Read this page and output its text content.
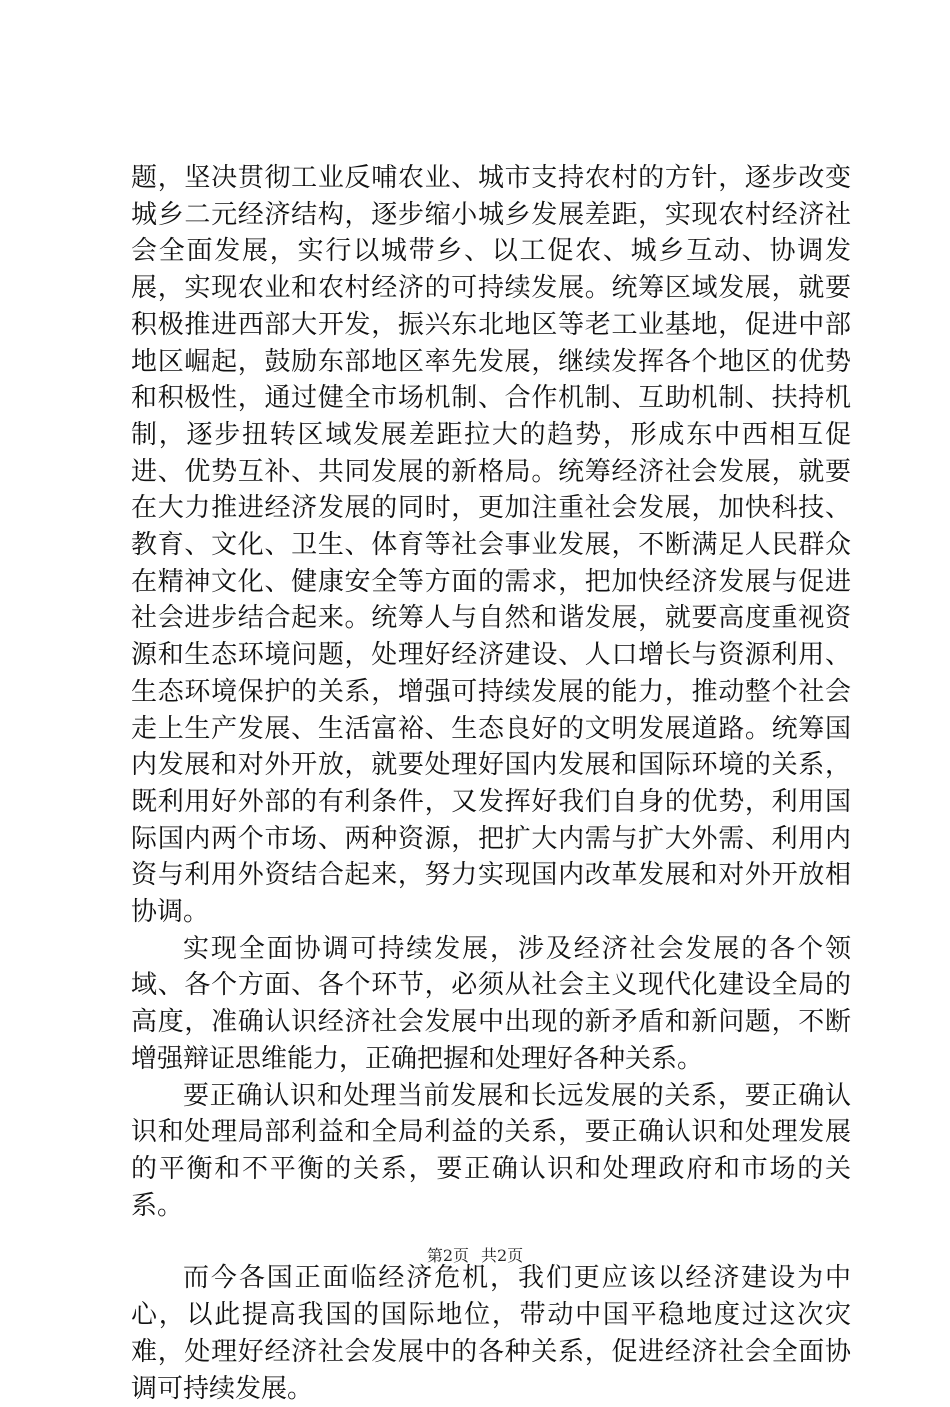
题，坚决贯彻工业反哺农业、城市支持农村的方针，逐步改变城乡二元经济结构，逐步缩小城乡发展差距，实现农村经济社会全面发展，实行以城带乡、以工促农、城乡互动、协调发展，实现农业和农村经济的可持续发展。统筹区域发展，就要积极推进西部大开发，振兴东北地区等老工业基地，促进中部地区崛起，鼓励东部地区率先发展，继续发挥各个地区的优势和积极性，通过健全市场机制、合作机制、互助机制、扶持机制，逐步扭转区域发展差距拉大的趋势，形成东中西相互促进、优势互补、共同发展的新格局。统筹经济社会发展，就要在大力推进经济发展的同时，更加注重社会发展，加快科技、教育、文化、卫生、体育等社会事业发展，不断满足人民群众在精神文化、健康安全等方面的需求，把加快经济发展与促进社会进步结合起来。统筹人与自然和谐发展，就要高度重视资源和生态环境问题，处理好经济建设、人口增长与资源利用、生态环境保护的关系，增强可持续发展的能力，推动整个社会走上生产发展、生活富裕、生态良好的文明发展道路。统筹国内发展和对外开放，就要处理好国内发展和国际环境的关系，既利用好外部的有利条件，又发挥好我们自身的优势，利用国际国内两个市场、两种资源，把扩大内需与扩大外需、利用内资与利用外资结合起来，努力实现国内改革发展和对外开放相协调。

实现全面协调可持续发展，涉及经济社会发展的各个领域、各个方面、各个环节，必须从社会主义现代化建设全局的高度，准确认识经济社会发展中出现的新矛盾和新问题，不断增强辩证思维能力，正确把握和处理好各种关系。

要正确认识和处理当前发展和长远发展的关系，要正确认识和处理局部利益和全局利益的关系，要正确认识和处理发展的平衡和不平衡的关系，要正确认识和处理政府和市场的关系。

而今各国正面临经济危机，我们更应该以经济建设为中心，以此提高我国的国际地位，带动中国平稳地度过这次灾难，处理好经济社会发展中的各种关系，促进经济社会全面协调可持续发展。

第2页 共2页
